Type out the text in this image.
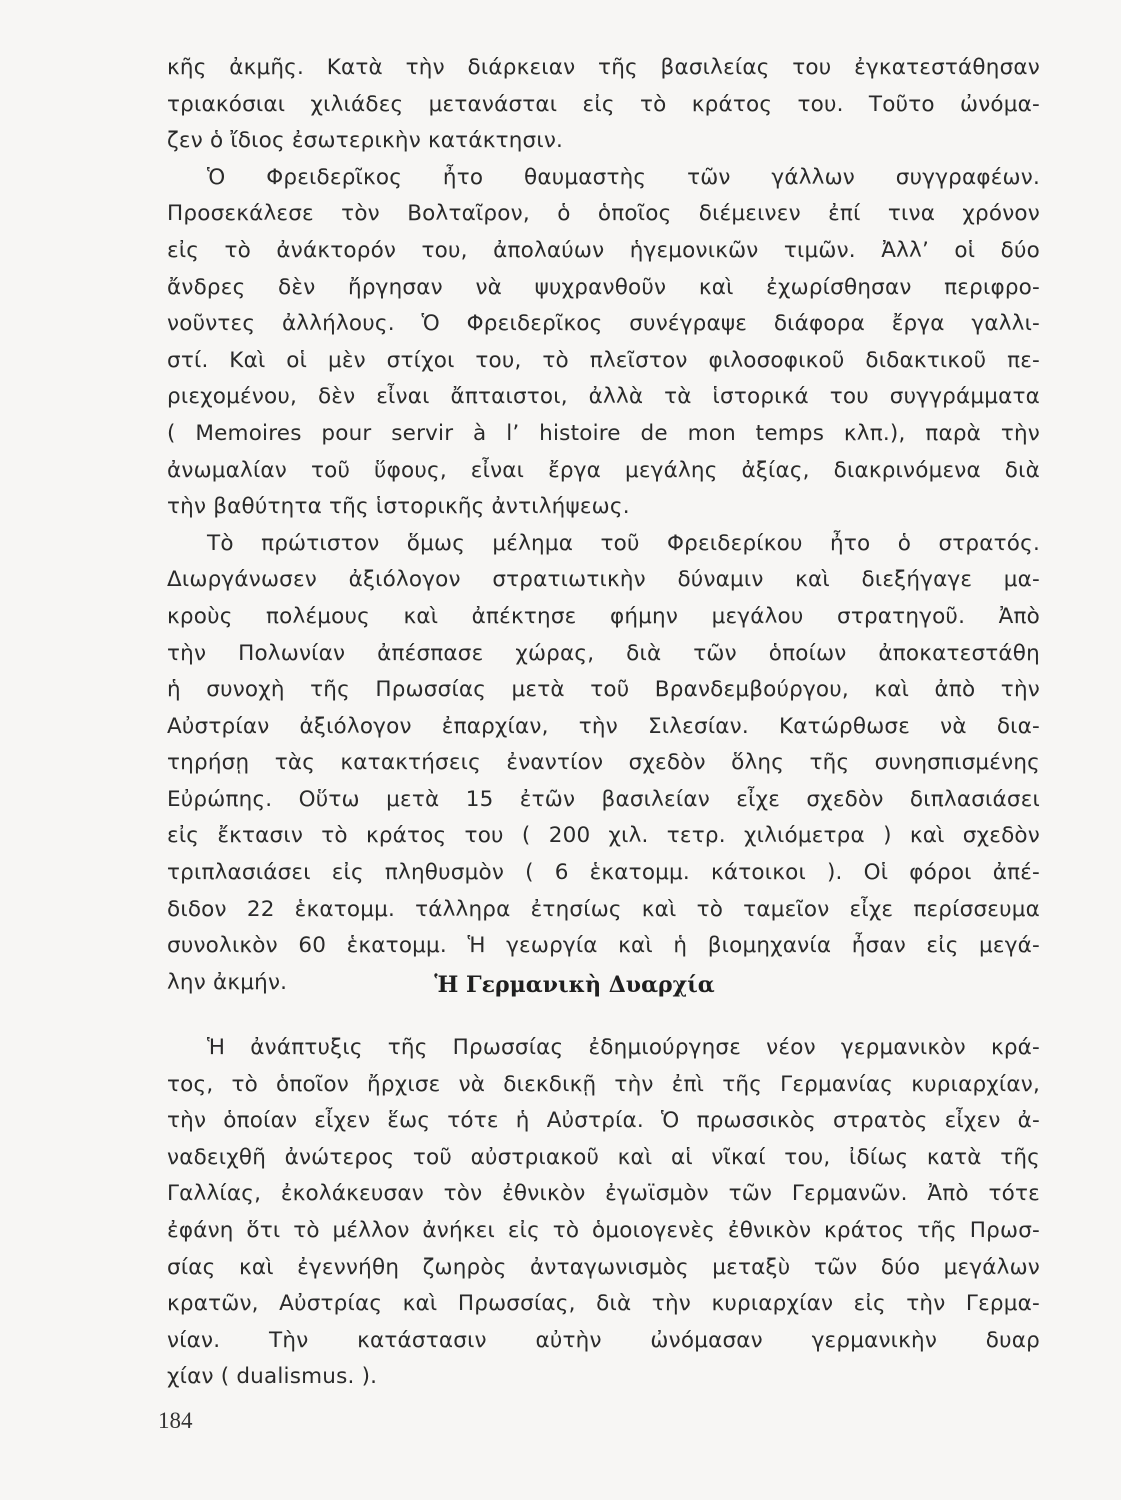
κῆς ἀκμῆς. Κατὰ τὴν διάρκειαν τῆς βασιλείας του ἐγκατεστάθησαν
τριακόσιαι χιλιάδες μετανάσται εἰς τὸ κράτος του. Τοῦτο ὠνόμα-
ζεν ὁ ἴδιος ἐσωτερικὴν κατάκτησιν.
Ὁ Φρειδερῖκος ἦτο θαυμαστὴς τῶν γάλλων συγγραφέων.
Προσεκάλεσε τὸν Βολταῖρον, ὁ ὁποῖος διέμεινεν ἐπί τινα χρόνον
εἰς τὸ ἀνάκτορόν του, ἀπολαύων ἡγεμονικῶν τιμῶν. Ἀλλ’ οἱ δύο
ἄνδρες δὲν ἤργησαν νὰ ψυχρανθοῦν καὶ ἐχωρίσθησαν περιφρο-
νοῦντες ἀλλήλους. Ὁ Φρειδερῖκος συνέγραψε διάφορα ἔργα γαλλι-
στί. Καὶ οἱ μὲν στίχοι του, τὸ πλεῖστον φιλοσοφικοῦ διδακτικοῦ πε-
ριεχομένου, δὲν εἶναι ἄπταιστοι, ἀλλὰ τὰ ἱστορικά του συγγράμματα
( Memoires pour servir à l’ histoire de mon temps κλπ.), παρὰ τὴν
ἀνωμαλίαν τοῦ ὕφους, εἶναι ἔργα μεγάλης ἀξίας, διακρινόμενα διὰ
τὴν βαθύτητα τῆς ἱστορικῆς ἀντιλήψεως.
Τὸ πρώτιστον ὅμως μέλημα τοῦ Φρειδερίκου ἦτο ὁ στρατός.
Διωργάνωσεν ἀξιόλογον στρατιωτικὴν δύναμιν καὶ διεξήγαγε μα-
κροὺς πολέμους καὶ ἀπέκτησε φήμην μεγάλου στρατηγοῦ. Ἀπὸ
τὴν Πολωνίαν ἀπέσπασε χώρας, διὰ τῶν ὁποίων ἀποκατεστάθη
ἡ συνοχὴ τῆς Πρωσσίας μετὰ τοῦ Βρανδεμβούργου, καὶ ἀπὸ τὴν
Αὐστρίαν ἀξιόλογον ἐπαρχίαν, τὴν Σιλεσίαν. Κατώρθωσε νὰ δια-
τηρήσῃ τὰς κατακτήσεις ἐναντίον σχεδὸν ὅλης τῆς συνησπισμένης
Εὐρώπης. Οὕτω μετὰ 15 ἐτῶν βασιλείαν εἶχε σχεδὸν διπλασιάσει
εἰς ἔκτασιν τὸ κράτος του ( 200 χιλ. τετρ. χιλιόμετρα ) καὶ σχεδὸν
τριπλασιάσει εἰς πληθυσμὸν ( 6 ἑκατομμ. κάτοικοι ). Οἱ φόροι ἀπέ-
διδον 22 ἑκατομμ. τάλληρα ἐτησίως καὶ τὸ ταμεῖον εἶχε περίσσευμα
συνολικὸν 60 ἑκατομμ. Ἡ γεωργία καὶ ἡ βιομηχανία ἦσαν εἰς μεγά-
λην ἀκμήν.	Ἡ Γερμανικὴ Δυαρχία
Ἡ ἀνάπτυξις τῆς Πρωσσίας ἐδημιούργησε νέον γερμανικὸν κρά-
τος, τὸ ὁποῖον ἤρχισε νὰ διεκδικῇ τὴν ἐπὶ τῆς Γερμανίας κυριαρχίαν,
τὴν ὁποίαν εἶχεν ἕως τότε ἡ Αὐστρία. Ὁ πρωσσικὸς στρατὸς εἶχεν ἀ-
ναδειχθῆ ἀνώτερος τοῦ αὐστριακοῦ καὶ αἱ νῖκαί του, ἰδίως κατὰ τῆς
Γαλλίας, ἐκολάκευσαν τὸν ἐθνικὸν ἐγωϊσμὸν τῶν Γερμανῶν. Ἀπὸ τότε
ἐφάνη ὅτι τὸ μέλλον ἀνήκει εἰς τὸ ὁμοιογενὲς ἐθνικὸν κράτος τῆς Πρωσ-
σίας καὶ ἐγεννήθη ζωηρὸς ἀνταγωνισμὸς μεταξὺ τῶν δύο μεγάλων
κρατῶν, Αὐστρίας καὶ Πρωσσίας, διὰ τὴν κυριαρχίαν εἰς τὴν Γερμα-
νίαν. Τὴν κατάστασιν αὐτὴν ὠνόμασαν γερμανικὴν δυαρ
χίαν ( dualismus. ).
184
